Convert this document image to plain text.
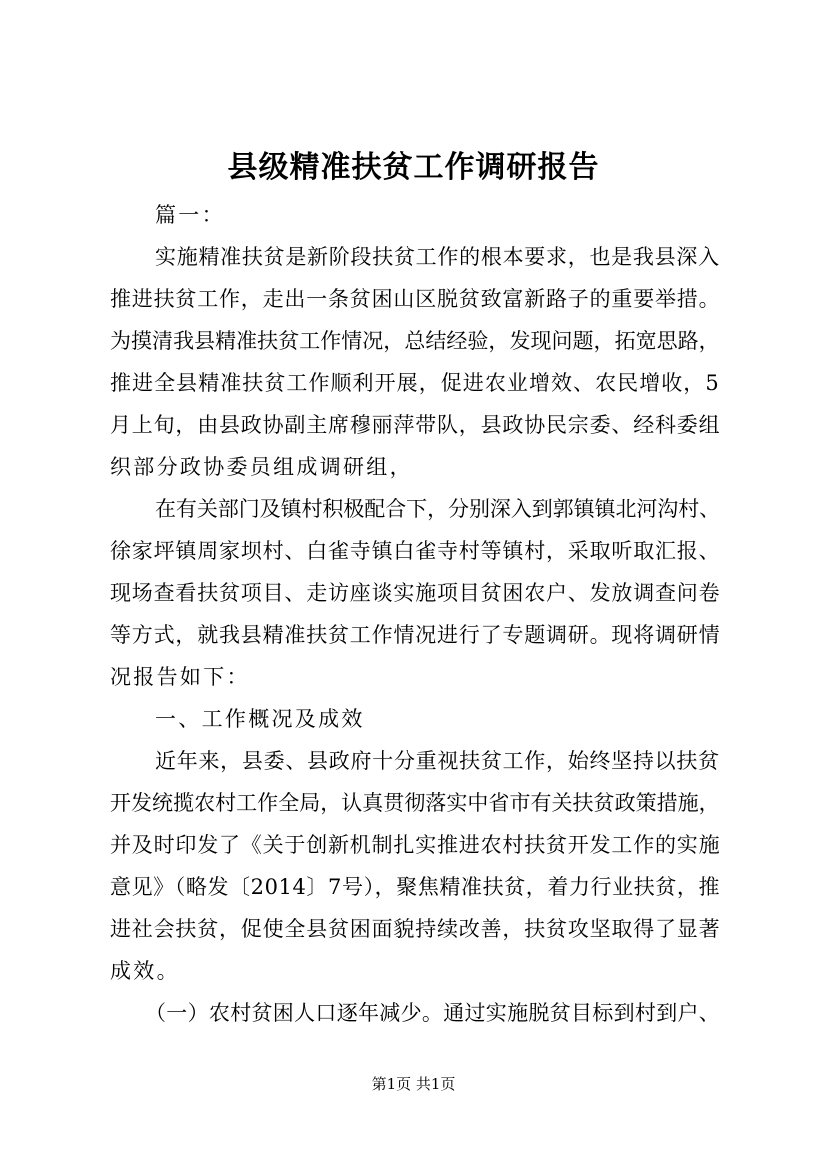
县级精准扶贫工作调研报告
篇一：
实施精准扶贫是新阶段扶贫工作的根本要求，也是我县深入
推进扶贫工作，走出一条贫困山区脱贫致富新路子的重要举措。
为摸清我县精准扶贫工作情况，总结经验，发现问题，拓宽思路，
推进全县精准扶贫工作顺利开展，促进农业增效、农民增收，5
月上旬，由县政协副主席穆丽萍带队，县政协民宗委、经科委组
织部分政协委员组成调研组，
在有关部门及镇村积极配合下，分别深入到郭镇镇北河沟村、
徐家坪镇周家坝村、白雀寺镇白雀寺村等镇村，采取听取汇报、
现场查看扶贫项目、走访座谈实施项目贫困农户、发放调查问卷
等方式，就我县精准扶贫工作情况进行了专题调研。现将调研情
况报告如下：
一、工作概况及成效
近年来，县委、县政府十分重视扶贫工作，始终坚持以扶贫
开发统揽农村工作全局，认真贯彻落实中省市有关扶贫政策措施，
并及时印发了《关于创新机制扎实推进农村扶贫开发工作的实施
意见》（略发〔2014〕7号），聚焦精准扶贫，着力行业扶贫，推
进社会扶贫，促使全县贫困面貌持续改善，扶贫攻坚取得了显著
成效。
（一）农村贫困人口逐年减少。通过实施脱贫目标到村到户、
第1页 共1页
